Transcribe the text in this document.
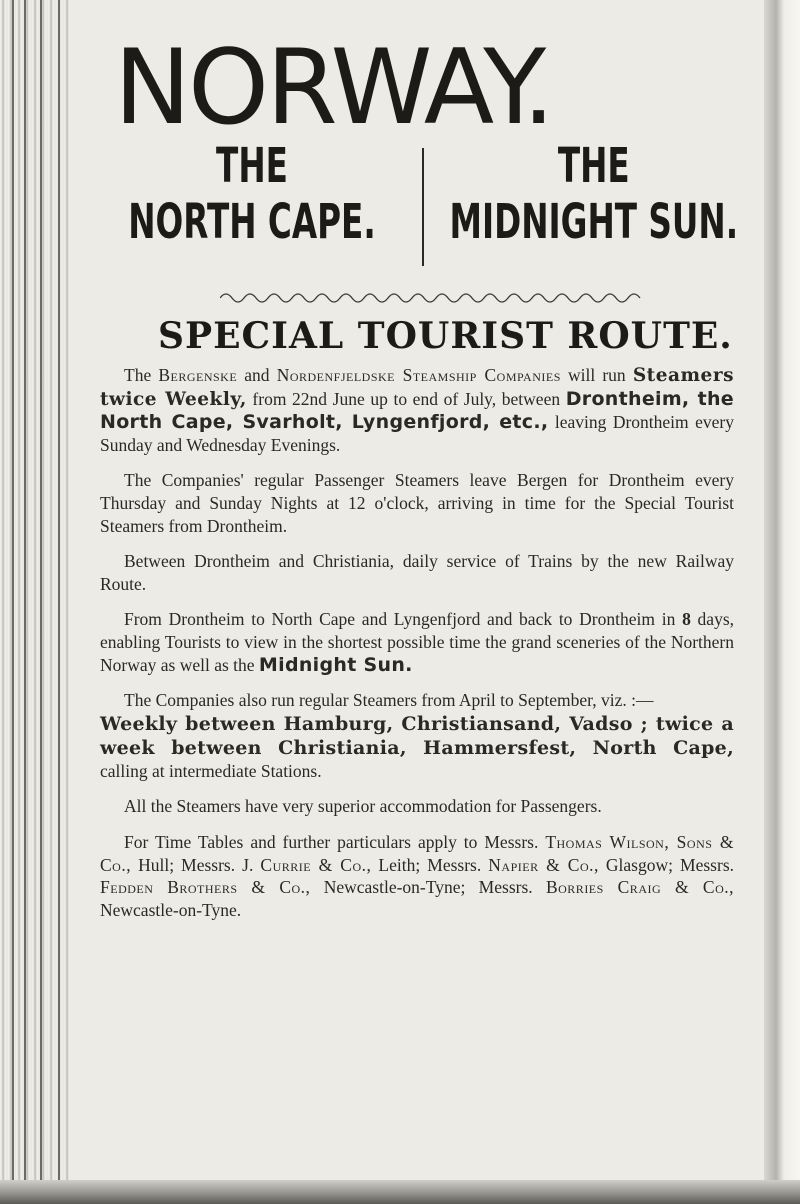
NORWAY.
THE
NORTH CAPE.
THE
MIDNIGHT SUN.
SPECIAL TOURIST ROUTE.

The Bergenske and Nordenfjeldske Steamship Companies will run Steamers twice Weekly, from 22nd June up to end of July, between Drontheim, the North Cape, Svarholt, Lyngenfjord, etc., leaving Drontheim every Sunday and Wednesday Evenings.

The Companies' regular Passenger Steamers leave Bergen for Drontheim every Thursday and Sunday Nights at 12 o'clock, arriving in time for the Special Tourist Steamers from Drontheim.

Between Drontheim and Christiania, daily service of Trains by the new Railway Route.

From Drontheim to North Cape and Lyngenfjord and back to Drontheim in 8 days, enabling Tourists to view in the shortest possible time the grand sceneries of the Northern Norway as well as the Midnight Sun.

The Companies also run regular Steamers from April to September, viz. :—
Weekly between Hamburg, Christiansand, Vadso ; twice a week between Christiania, Hammersfest, North Cape, calling at intermediate Stations.

All the Steamers have very superior accommodation for Passengers.

For Time Tables and further particulars apply to Messrs. Thomas Wilson, Sons & Co., Hull; Messrs. J. Currie & Co., Leith; Messrs. Napier & Co., Glasgow; Messrs. Fedden Brothers & Co., Newcastle-on-Tyne; Messrs. Borries Craig & Co., Newcastle-on-Tyne.
